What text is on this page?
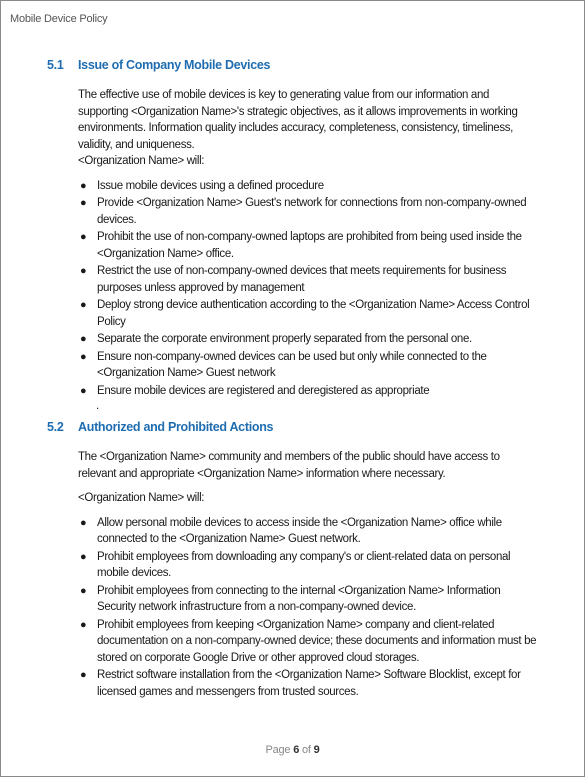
Mobile Device Policy
5.1 Issue of Company Mobile Devices
The effective use of mobile devices is key to generating value from our information and supporting <Organization Name>'s strategic objectives, as it allows improvements in working environments. Information quality includes accuracy, completeness, consistency, timeliness, validity, and uniqueness.
<Organization Name> will:
● Issue mobile devices using a defined procedure
● Provide <Organization Name> Guest's network for connections from non-company-owned devices.
● Prohibit the use of non-company-owned laptops are prohibited from being used inside the <Organization Name> office.
● Restrict the use of non-company-owned devices that meets requirements for business purposes unless approved by management
● Deploy strong device authentication according to the <Organization Name> Access Control Policy
● Separate the corporate environment properly separated from the personal one.
● Ensure non-company-owned devices can be used but only while connected to the <Organization Name> Guest network
● Ensure mobile devices are registered and deregistered as appropriate
.
5.2 Authorized and Prohibited Actions
The <Organization Name> community and members of the public should have access to relevant and appropriate <Organization Name> information where necessary.
<Organization Name> will:
● Allow personal mobile devices to access inside the <Organization Name> office while connected to the <Organization Name> Guest network.
● Prohibit employees from downloading any company's or client-related data on personal mobile devices.
● Prohibit employees from connecting to the internal <Organization Name> Information Security network infrastructure from a non-company-owned device.
● Prohibit employees from keeping <Organization Name> company and client-related documentation on a non-company-owned device; these documents and information must be stored on corporate Google Drive or other approved cloud storages.
● Restrict software installation from the <Organization Name> Software Blocklist, except for licensed games and messengers from trusted sources.
Page 6 of 9
